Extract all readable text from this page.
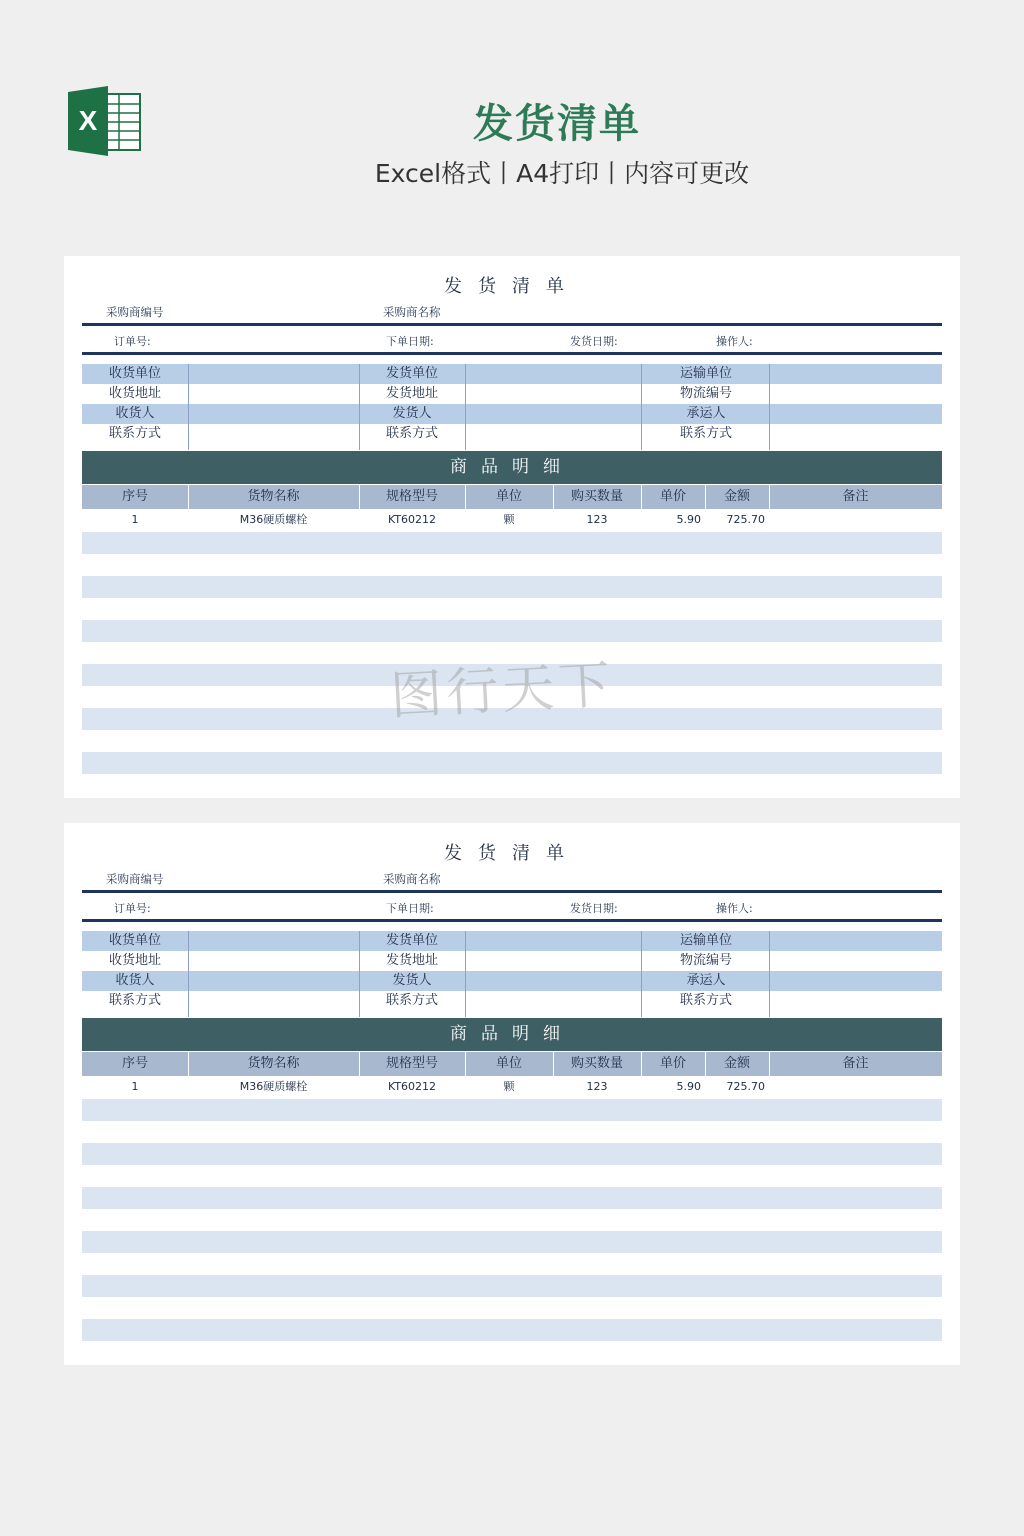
X	发货清单
Excel格式丨A4打印丨内容可更改
发货清单
采购商编号	采购商名称
订单号:	下单日期:	发货日期:	操作人:
收货单位	发货单位	运输单位
收货地址	发货地址	物流编号
收货人	发货人	承运人
联系方式	联系方式	联系方式
商品明细
序号	货物名称	规格型号	单位	购买数量	单价	金额	备注
1	M36硬质螺栓	KT60212	颗	123	5.90	725.70
发货清单
采购商编号	采购商名称
订单号:	下单日期:	发货日期:	操作人:
收货单位	发货单位	运输单位
收货地址	发货地址	物流编号
收货人	发货人	承运人
联系方式	联系方式	联系方式
商品明细
序号	货物名称	规格型号	单位	购买数量	单价	金额	备注
1	M36硬质螺栓	KT60212	颗	123	5.90	725.70
图行天下
